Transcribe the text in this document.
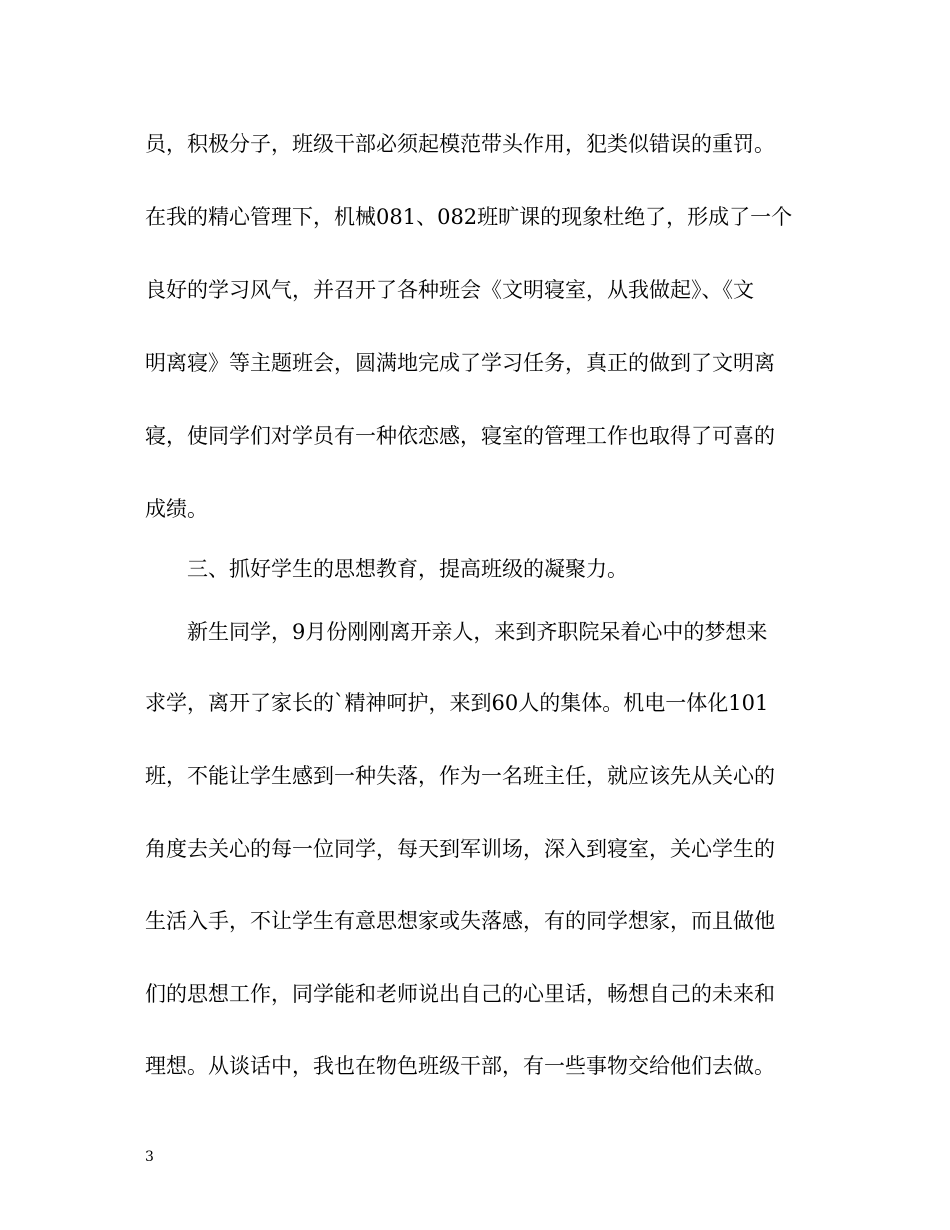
员，积极分子，班级干部必须起模范带头作用，犯类似错误的重罚。
在我的精心管理下，机械081、082班旷课的现象杜绝了，形成了一个
良好的学习风气，并召开了各种班会《文明寝室，从我做起》、《文
明离寝》等主题班会，圆满地完成了学习任务，真正的做到了文明离
寝，使同学们对学员有一种依恋感，寝室的管理工作也取得了可喜的
成绩。
三、抓好学生的思想教育，提高班级的凝聚力。
新生同学，9月份刚刚离开亲人，来到齐职院呆着心中的梦想来
求学，离开了家长的`精神呵护，来到60人的集体。机电一体化101
班，不能让学生感到一种失落，作为一名班主任，就应该先从关心的
角度去关心的每一位同学，每天到军训场，深入到寝室，关心学生的
生活入手，不让学生有意思想家或失落感，有的同学想家，而且做他
们的思想工作，同学能和老师说出自己的心里话，畅想自己的未来和
理想。从谈话中，我也在物色班级干部，有一些事物交给他们去做。
3
